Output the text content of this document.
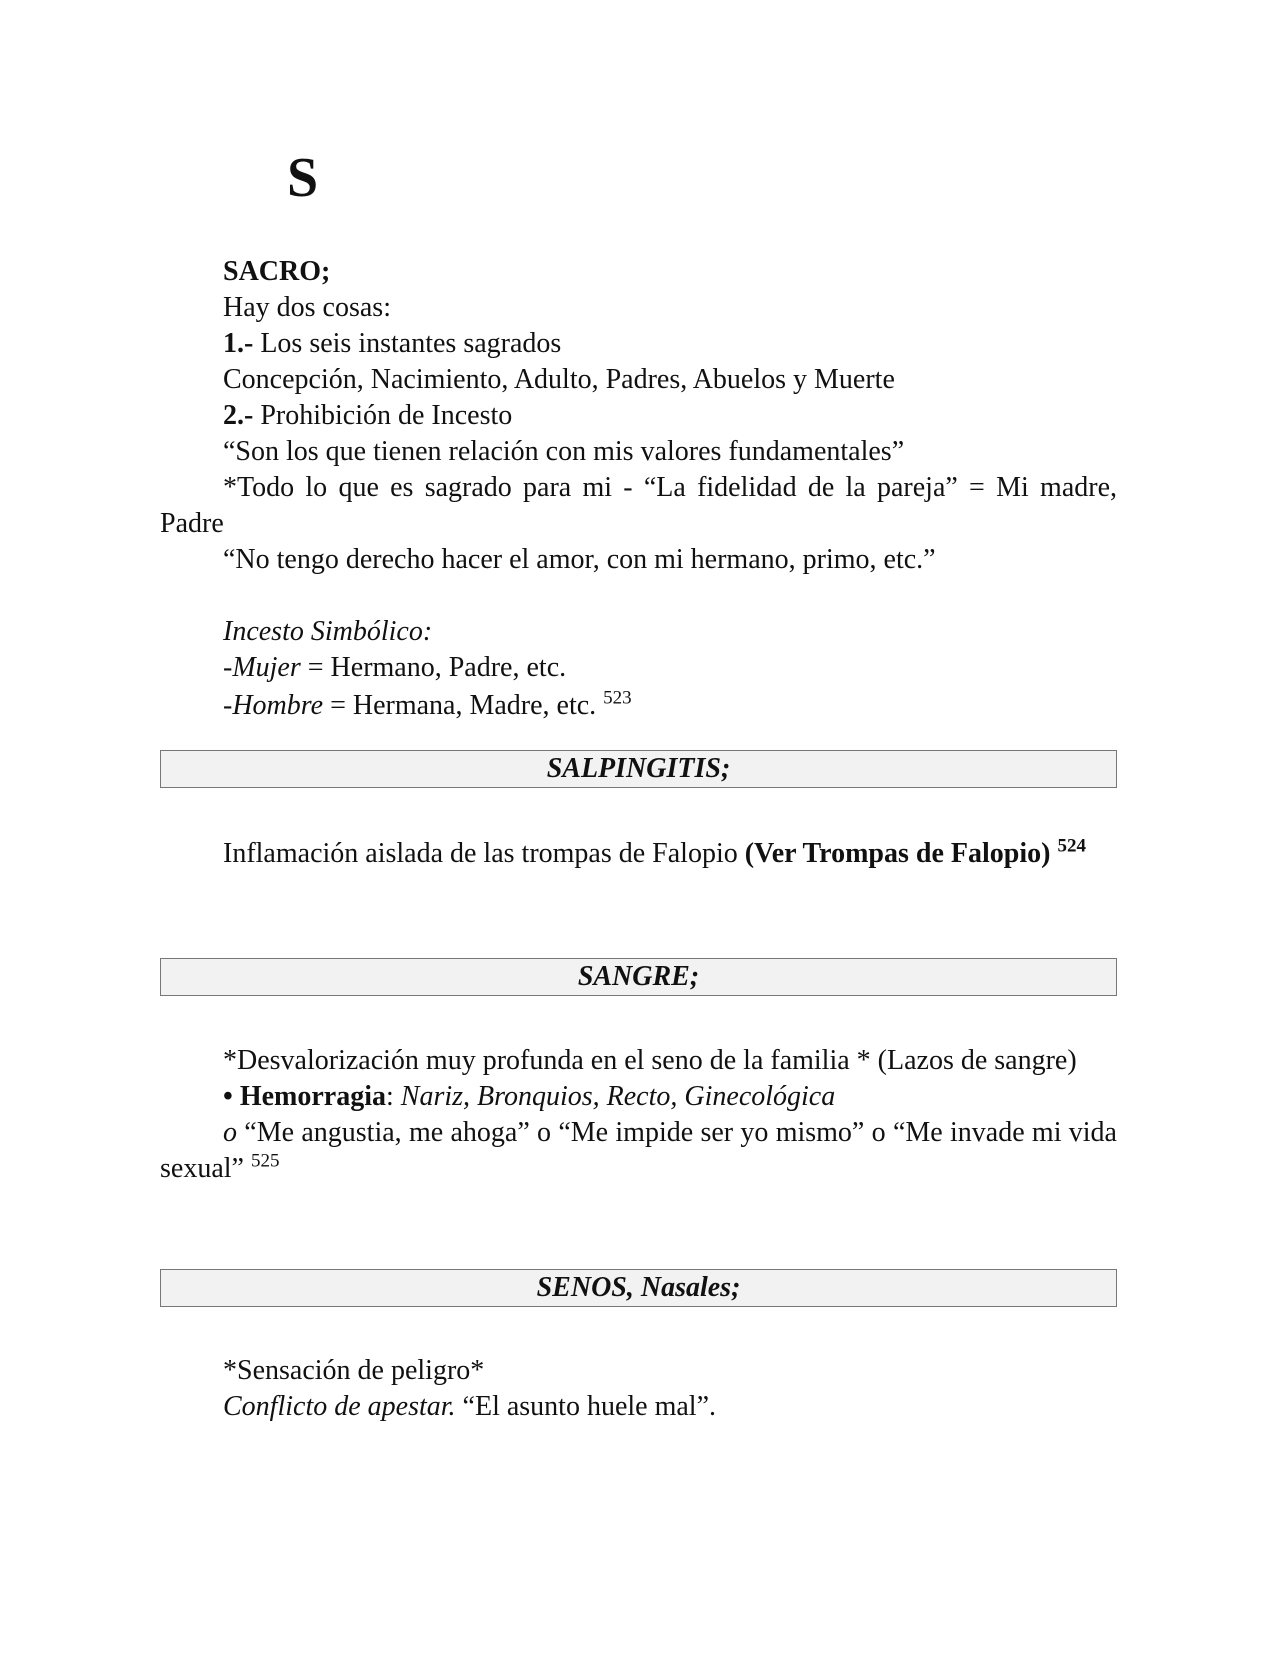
S
SACRO;
Hay dos cosas:
1.- Los seis instantes sagrados
Concepción, Nacimiento, Adulto, Padres, Abuelos y Muerte
2.- Prohibición de Incesto
“Son los que tienen relación con mis valores fundamentales”
*Todo lo que es sagrado para mi - “La fidelidad de la pareja” = Mi madre, Padre
“No tengo derecho hacer el amor, con mi hermano, primo, etc.”
Incesto Simbólico:
-Mujer = Hermano, Padre, etc.
-Hombre = Hermana, Madre, etc. $^{523}$
SALPINGITIS;
Inflamación aislada de las trompas de Falopio (Ver Trompas de Falopio) $^{524}$
SANGRE;
*Desvalorización muy profunda en el seno de la familia * (Lazos de sangre)
• Hemorragia: Nariz, Bronquios, Recto, Ginecológica
o “Me angustia, me ahoga” o “Me impide ser yo mismo” o “Me invade mi vida sexual” $^{525}$
SENOS, Nasales;
*Sensación de peligro*
Conflicto de apestar. “El asunto huele mal”.
